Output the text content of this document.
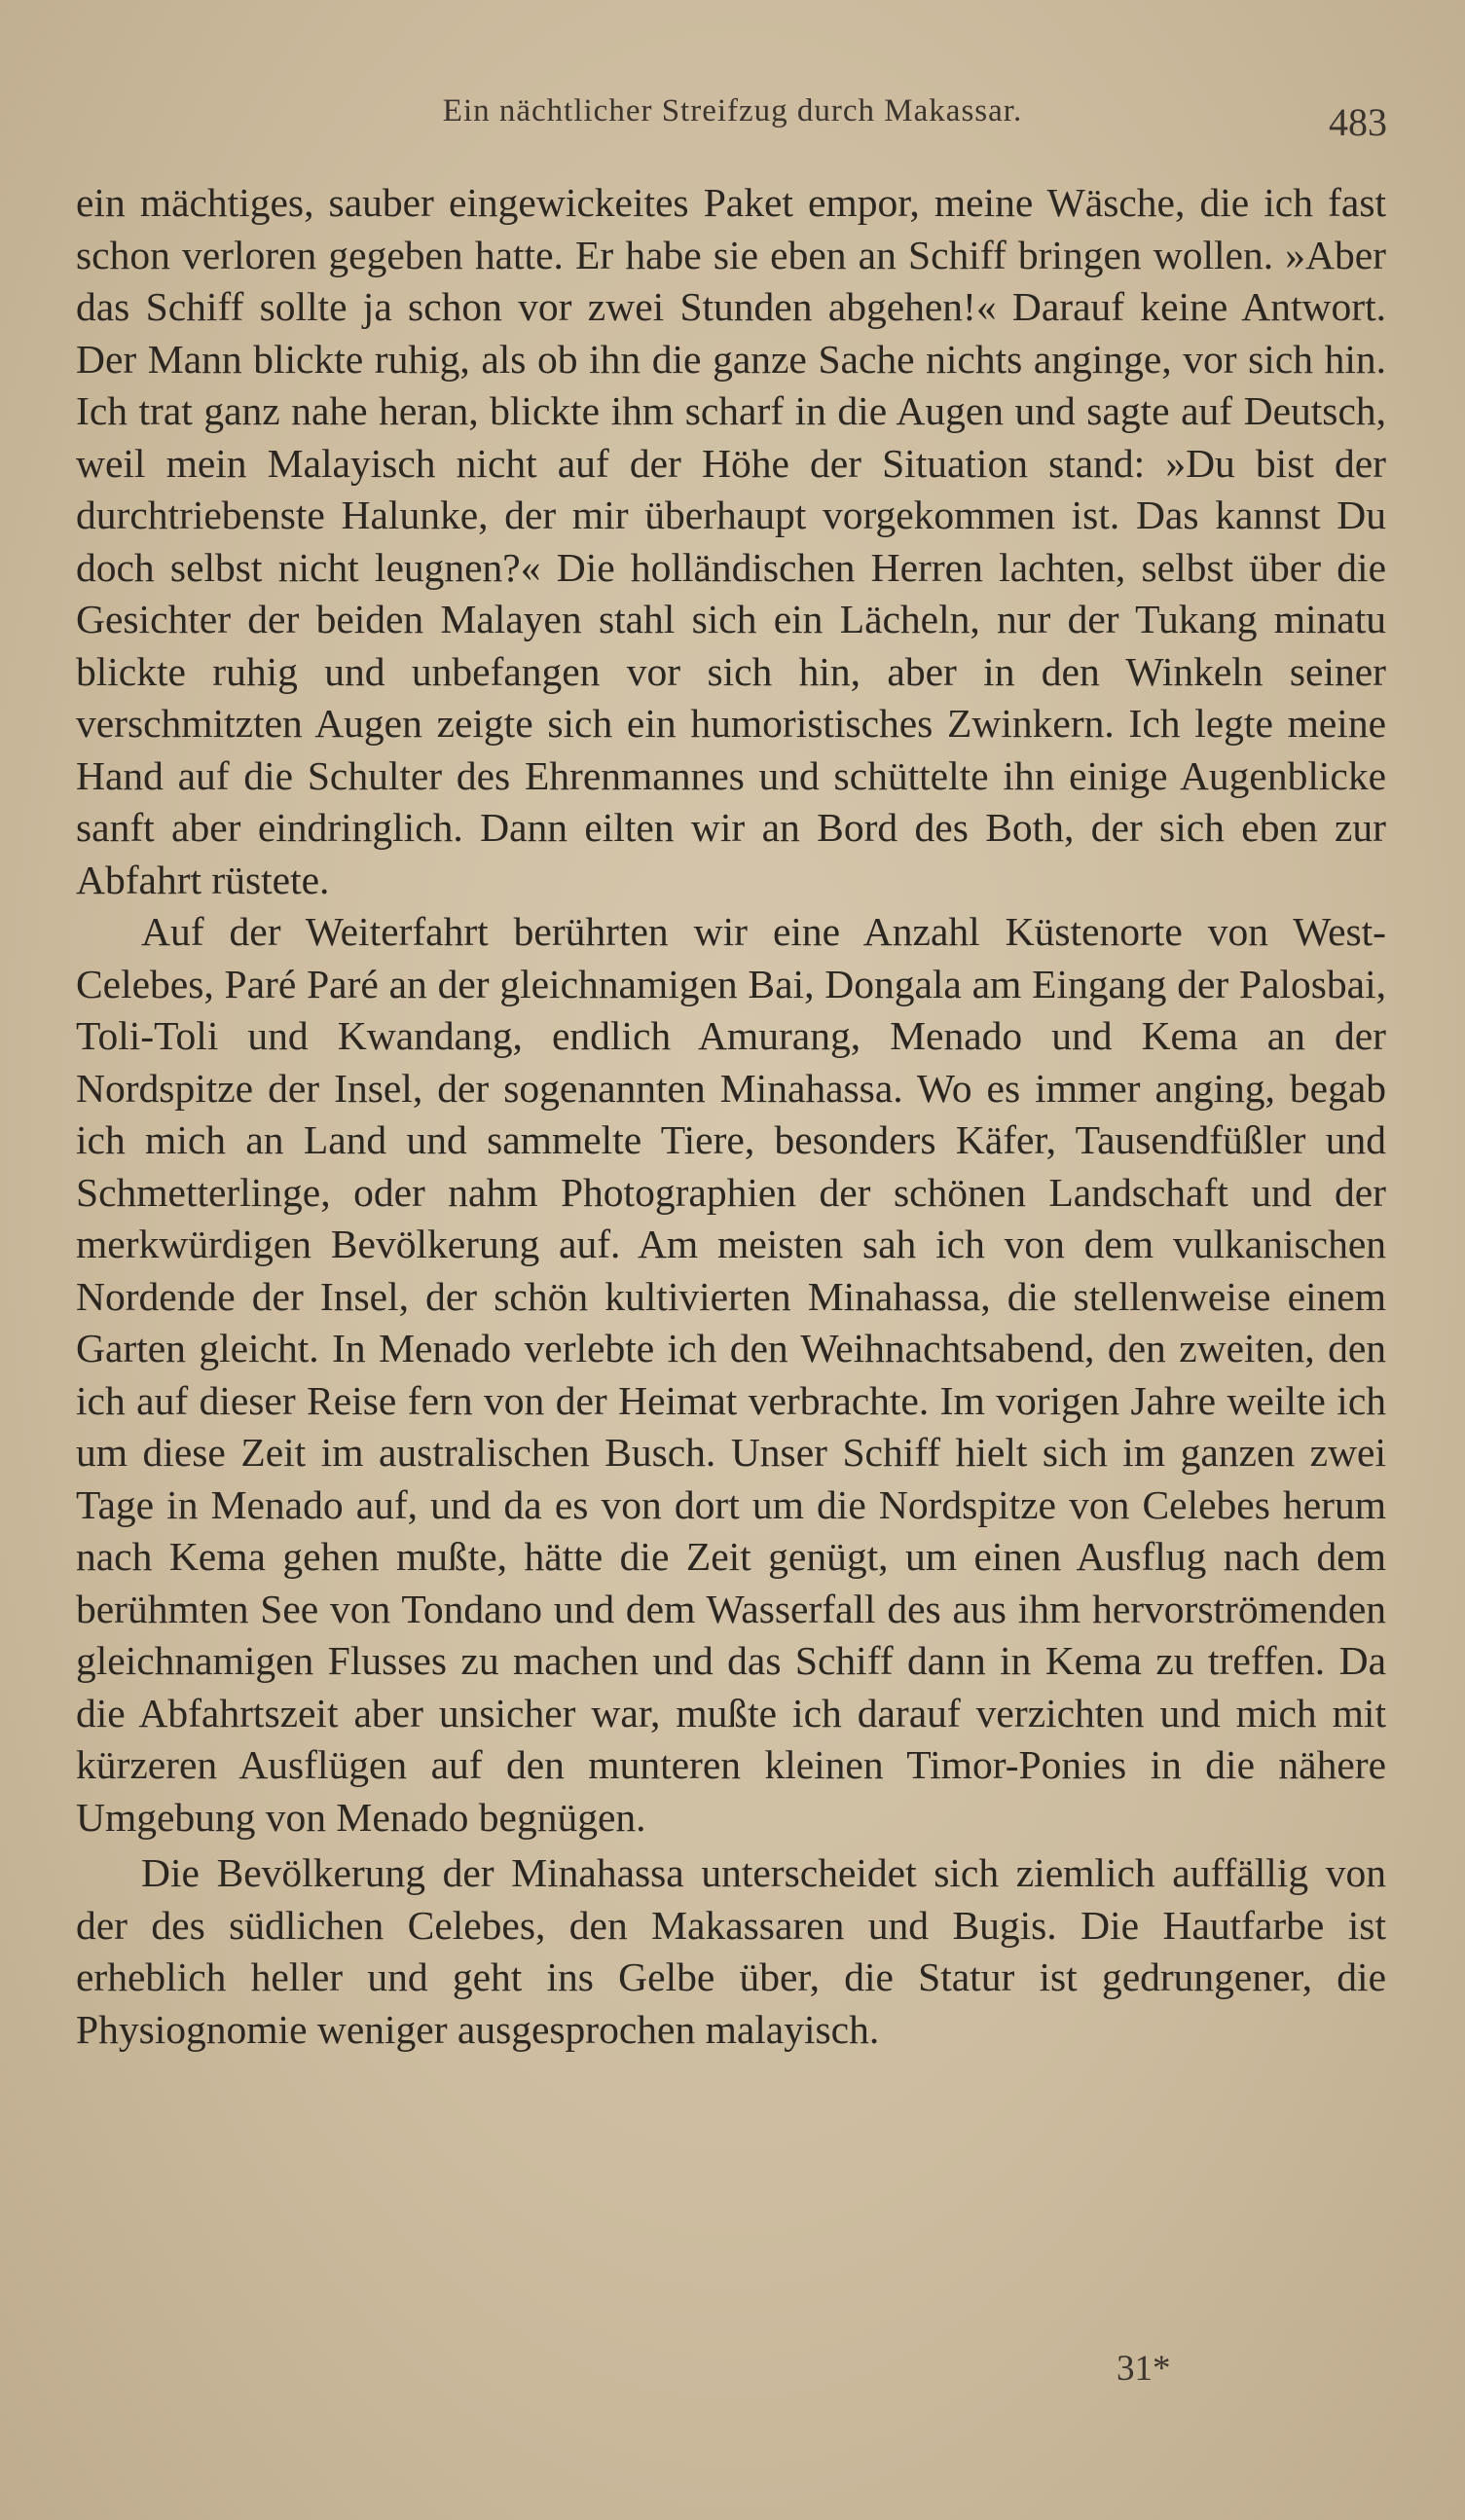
Ein nächtlicher Streifzug durch Makassar.	483

ein mächtiges, sauber eingewickeites Paket empor, meine Wäsche, die ich fast schon verloren gegeben hatte. Er habe sie eben an Schiff bringen wollen. »Aber das Schiff sollte ja schon vor zwei Stunden abgehen!« Darauf keine Antwort. Der Mann blickte ruhig, als ob ihn die ganze Sache nichts anginge, vor sich hin. Ich trat ganz nahe heran, blickte ihm scharf in die Augen und sagte auf Deutsch, weil mein Malayisch nicht auf der Höhe der Situation stand: »Du bist der durchtriebenste Halunke, der mir überhaupt vorgekommen ist. Das kannst Du doch selbst nicht leugnen?« Die holländischen Herren lachten, selbst über die Gesichter der beiden Malayen stahl sich ein Lächeln, nur der Tukang minatu blickte ruhig und unbefangen vor sich hin, aber in den Winkeln seiner verschmitzten Augen zeigte sich ein humoristisches Zwinkern. Ich legte meine Hand auf die Schulter des Ehrenmannes und schüttelte ihn einige Augenblicke sanft aber eindringlich. Dann eilten wir an Bord des Both, der sich eben zur Abfahrt rüstete.

Auf der Weiterfahrt berührten wir eine Anzahl Küstenorte von West-Celebes, Paré Paré an der gleichnamigen Bai, Dongala am Eingang der Palosbai, Toli-Toli und Kwandang, endlich Amurang, Menado und Kema an der Nordspitze der Insel, der sogenannten Minahassa. Wo es immer anging, begab ich mich an Land und sammelte Tiere, besonders Käfer, Tausendfüßler und Schmetterlinge, oder nahm Photographien der schönen Landschaft und der merkwürdigen Bevölkerung auf. Am meisten sah ich von dem vulkanischen Nordende der Insel, der schön kultivierten Minahassa, die stellenweise einem Garten gleicht. In Menado verlebte ich den Weihnachtsabend, den zweiten, den ich auf dieser Reise fern von der Heimat verbrachte. Im vorigen Jahre weilte ich um diese Zeit im australischen Busch. Unser Schiff hielt sich im ganzen zwei Tage in Menado auf, und da es von dort um die Nordspitze von Celebes herum nach Kema gehen mußte, hätte die Zeit genügt, um einen Ausflug nach dem berühmten See von Tondano und dem Wasserfall des aus ihm hervorströmenden gleichnamigen Flusses zu machen und das Schiff dann in Kema zu treffen. Da die Abfahrtszeit aber unsicher war, mußte ich darauf verzichten und mich mit kürzeren Ausflügen auf den munteren kleinen Timor-Ponies in die nähere Umgebung von Menado begnügen.

Die Bevölkerung der Minahassa unterscheidet sich ziemlich auffällig von der des südlichen Celebes, den Makassaren und Bugis. Die Hautfarbe ist erheblich heller und geht ins Gelbe über, die Statur ist gedrungener, die Physiognomie weniger ausgesprochen malayisch.

31*
